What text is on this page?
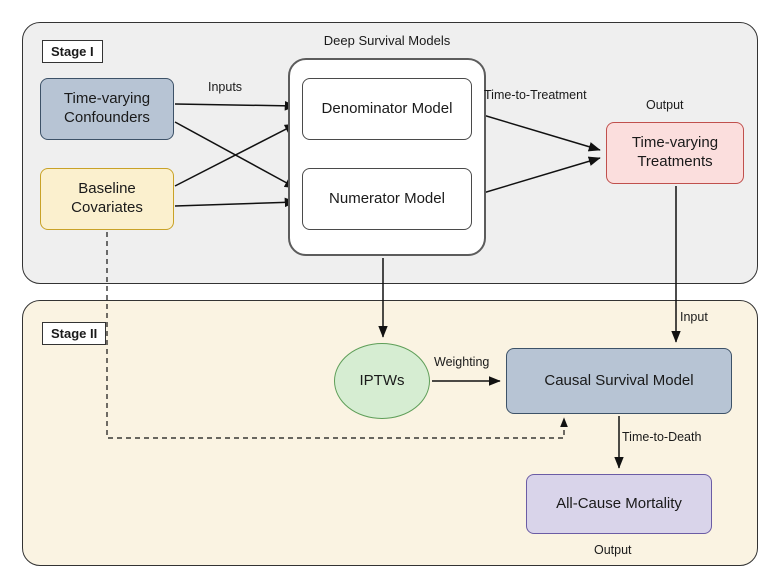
Stage I
Stage II
Deep Survival Models
Time-varying
Confounders
Baseline
Covariates
Denominator Model
Numerator Model
Time-varying
Treatments
IPTWs	Causal Survival Model
All-Cause Mortality
Inputs
Time-to-Treatment
Output
Input
Weighting
Time-to-Death
Output
